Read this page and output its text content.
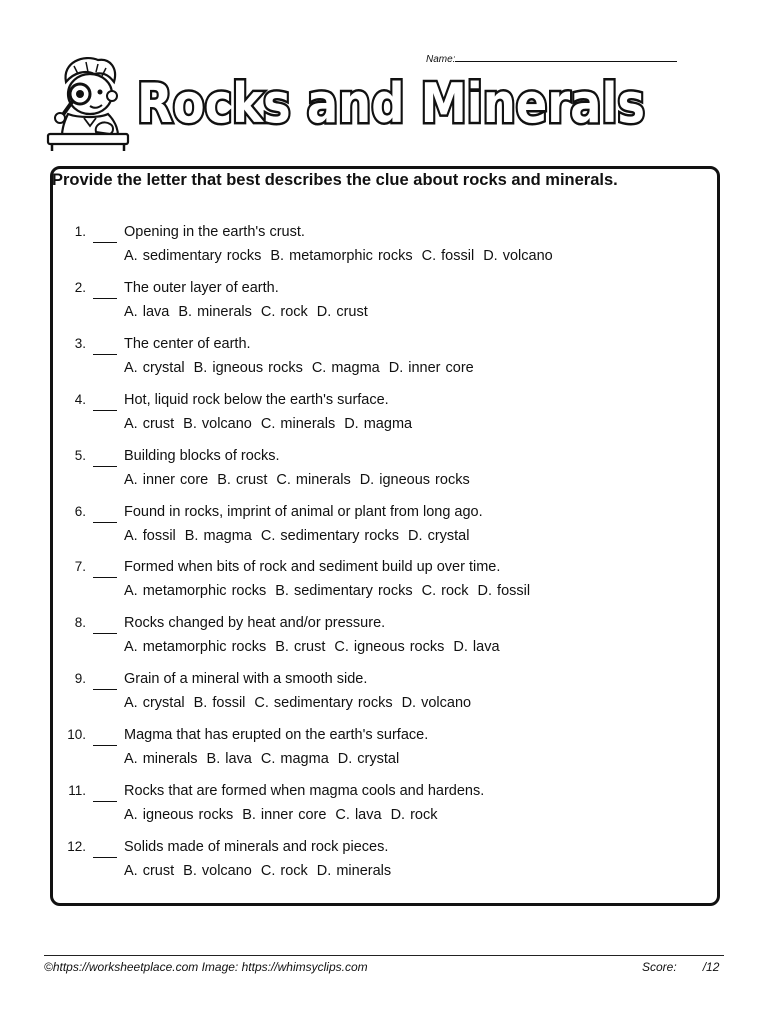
Name:
Rocks and Minerals
Provide the letter that best describes the clue about rocks and minerals.
1.	Opening in the earth's crust.
A. sedimentary rocks B. metamorphic rocks C. fossil D. volcano
2.	The outer layer of earth.
A. lava B. minerals C. rock D. crust
3.	The center of earth.
A. crystal B. igneous rocks C. magma D. inner core
4.	Hot, liquid rock below the earth's surface.
A. crust B. volcano C. minerals D. magma
5.	Building blocks of rocks.
A. inner core B. crust C. minerals D. igneous rocks
6.	Found in rocks, imprint of animal or plant from long ago.
A. fossil B. magma C. sedimentary rocks D. crystal
7.	Formed when bits of rock and sediment build up over time.
A. metamorphic rocks B. sedimentary rocks C. rock D. fossil
8.	Rocks changed by heat and/or pressure.
A. metamorphic rocks B. crust C. igneous rocks D. lava
9.	Grain of a mineral with a smooth side.
A. crystal B. fossil C. sedimentary rocks D. volcano
10.	Magma that has erupted on the earth's surface.
A. minerals B. lava C. magma D. crystal
11.	Rocks that are formed when magma cools and hardens.
A. igneous rocks B. inner core C. lava D. rock
12.	Solids made of minerals and rock pieces.
A. crust B. volcano C. rock D. minerals
©https://worksheetplace.com Image: https://whimsyclips.com	Score: /12
